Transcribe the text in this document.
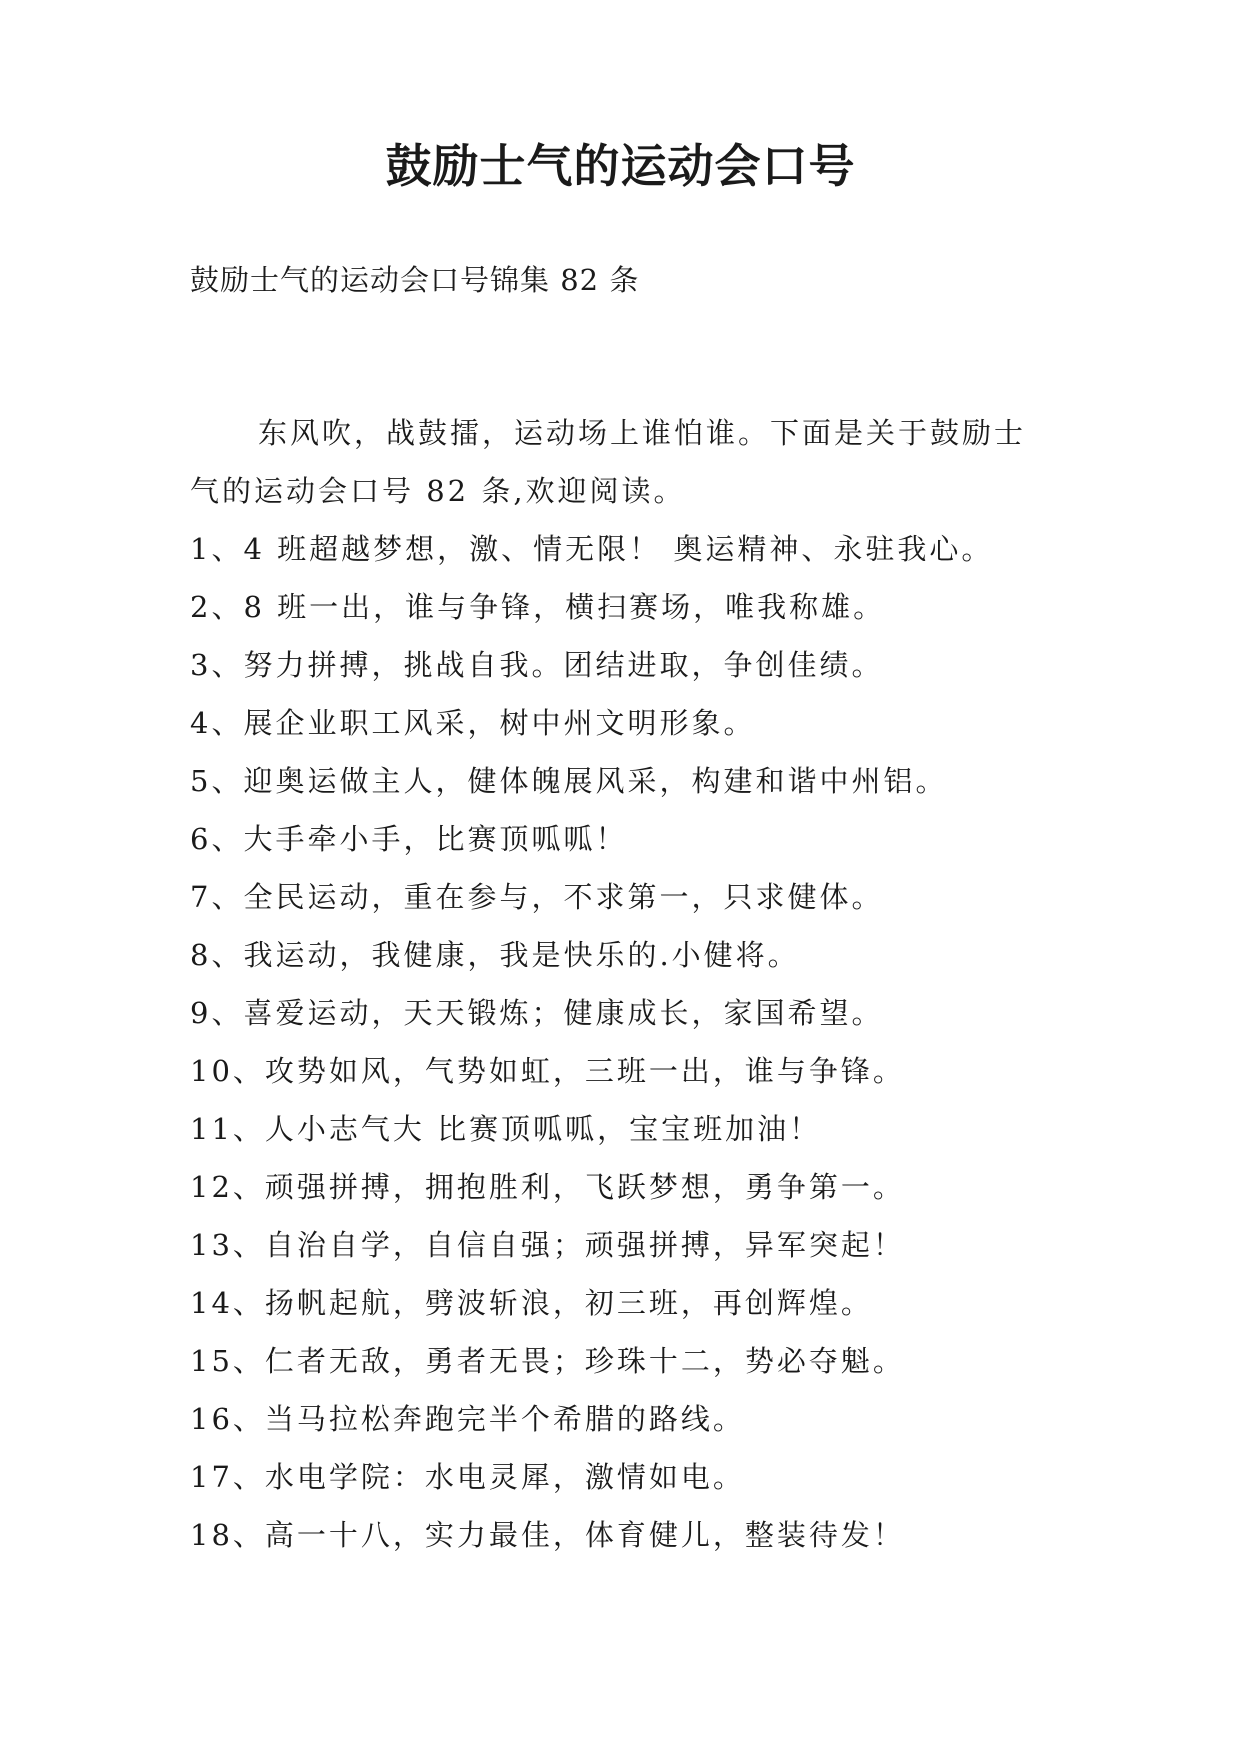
鼓励士气的运动会口号

鼓励士气的运动会口号锦集 82 条

东风吹，战鼓擂，运动场上谁怕谁。下面是关于鼓励士气的运动会口号 82 条,欢迎阅读。

1、4 班超越梦想，激、情无限！ 奥运精神、永驻我心。
2、8 班一出，谁与争锋，横扫赛场，唯我称雄。
3、努力拼搏，挑战自我。团结进取，争创佳绩。
4、展企业职工风采，树中州文明形象。
5、迎奥运做主人，健体魄展风采，构建和谐中州铝。
6、大手牵小手，比赛顶呱呱！
7、全民运动，重在参与，不求第一，只求健体。
8、我运动，我健康，我是快乐的.小健将。
9、喜爱运动，天天锻炼；健康成长，家国希望。
10、攻势如风，气势如虹，三班一出，谁与争锋。
11、人小志气大 比赛顶呱呱，宝宝班加油！
12、顽强拼搏，拥抱胜利，飞跃梦想，勇争第一。
13、自治自学，自信自强；顽强拼搏，异军突起！
14、扬帆起航，劈波斩浪，初三班，再创辉煌。
15、仁者无敌，勇者无畏；珍珠十二，势必夺魁。
16、当马拉松奔跑完半个希腊的路线。
17、水电学院：水电灵犀，激情如电。
18、高一十八，实力最佳，体育健儿，整装待发！
